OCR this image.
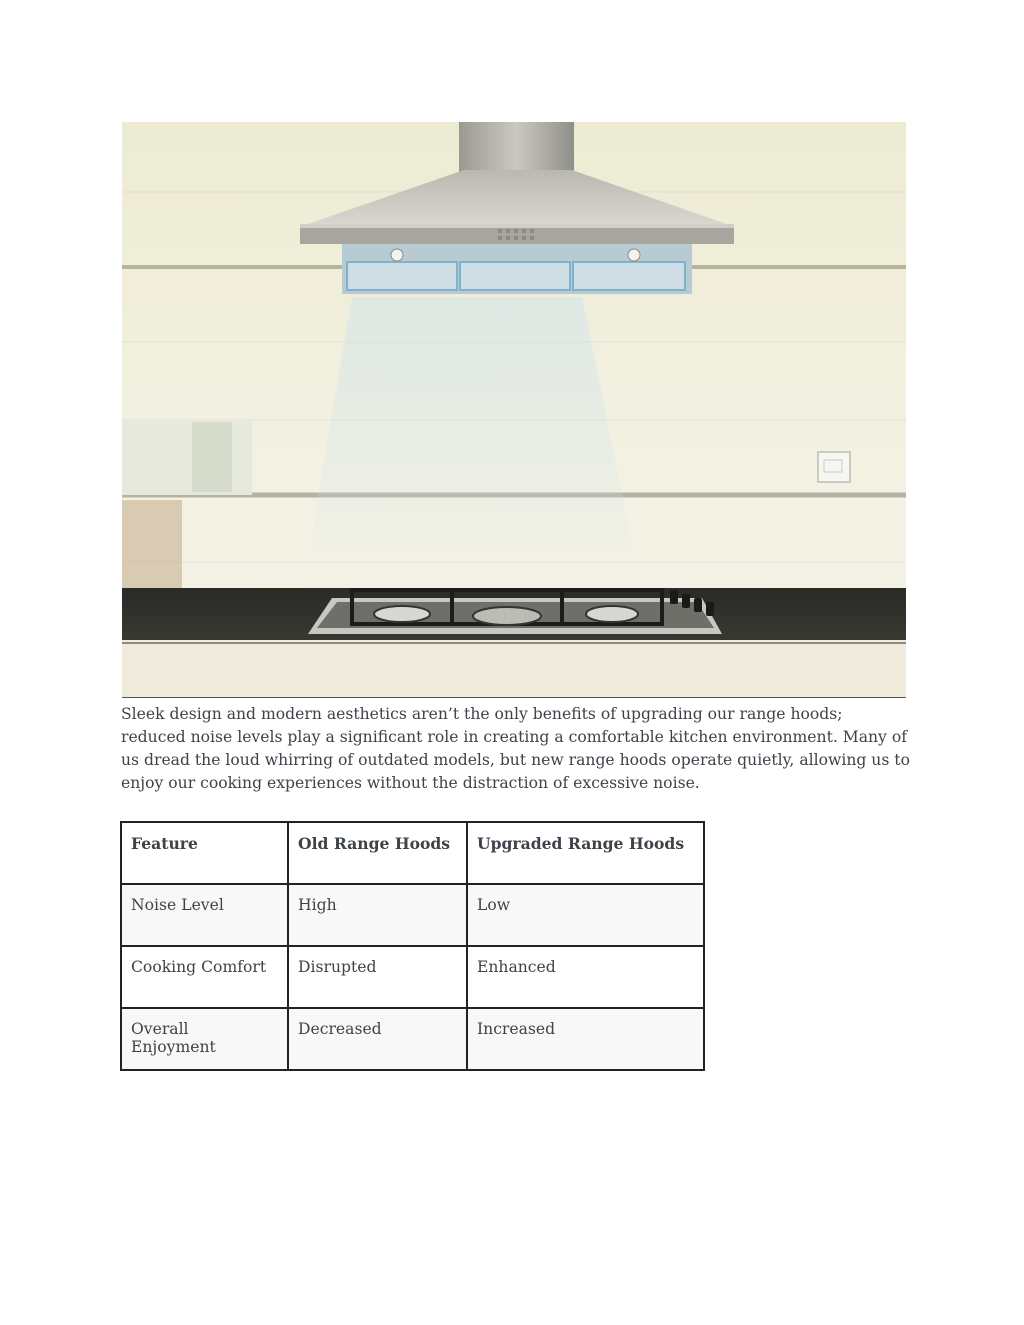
Sleek design and modern aesthetics aren’t the only benefits of upgrading our range hoods; reduced noise levels play a significant role in creating a comfortable kitchen environment. Many of us dread the loud whirring of outdated models, but new range hoods operate quietly, allowing us to enjoy our cooking experiences without the distraction of excessive noise.

Feature	Old Range Hoods	Upgraded Range Hoods
Noise Level	High	Low
Cooking Comfort	Disrupted	Enhanced
Overall Enjoyment	Decreased	Increased
